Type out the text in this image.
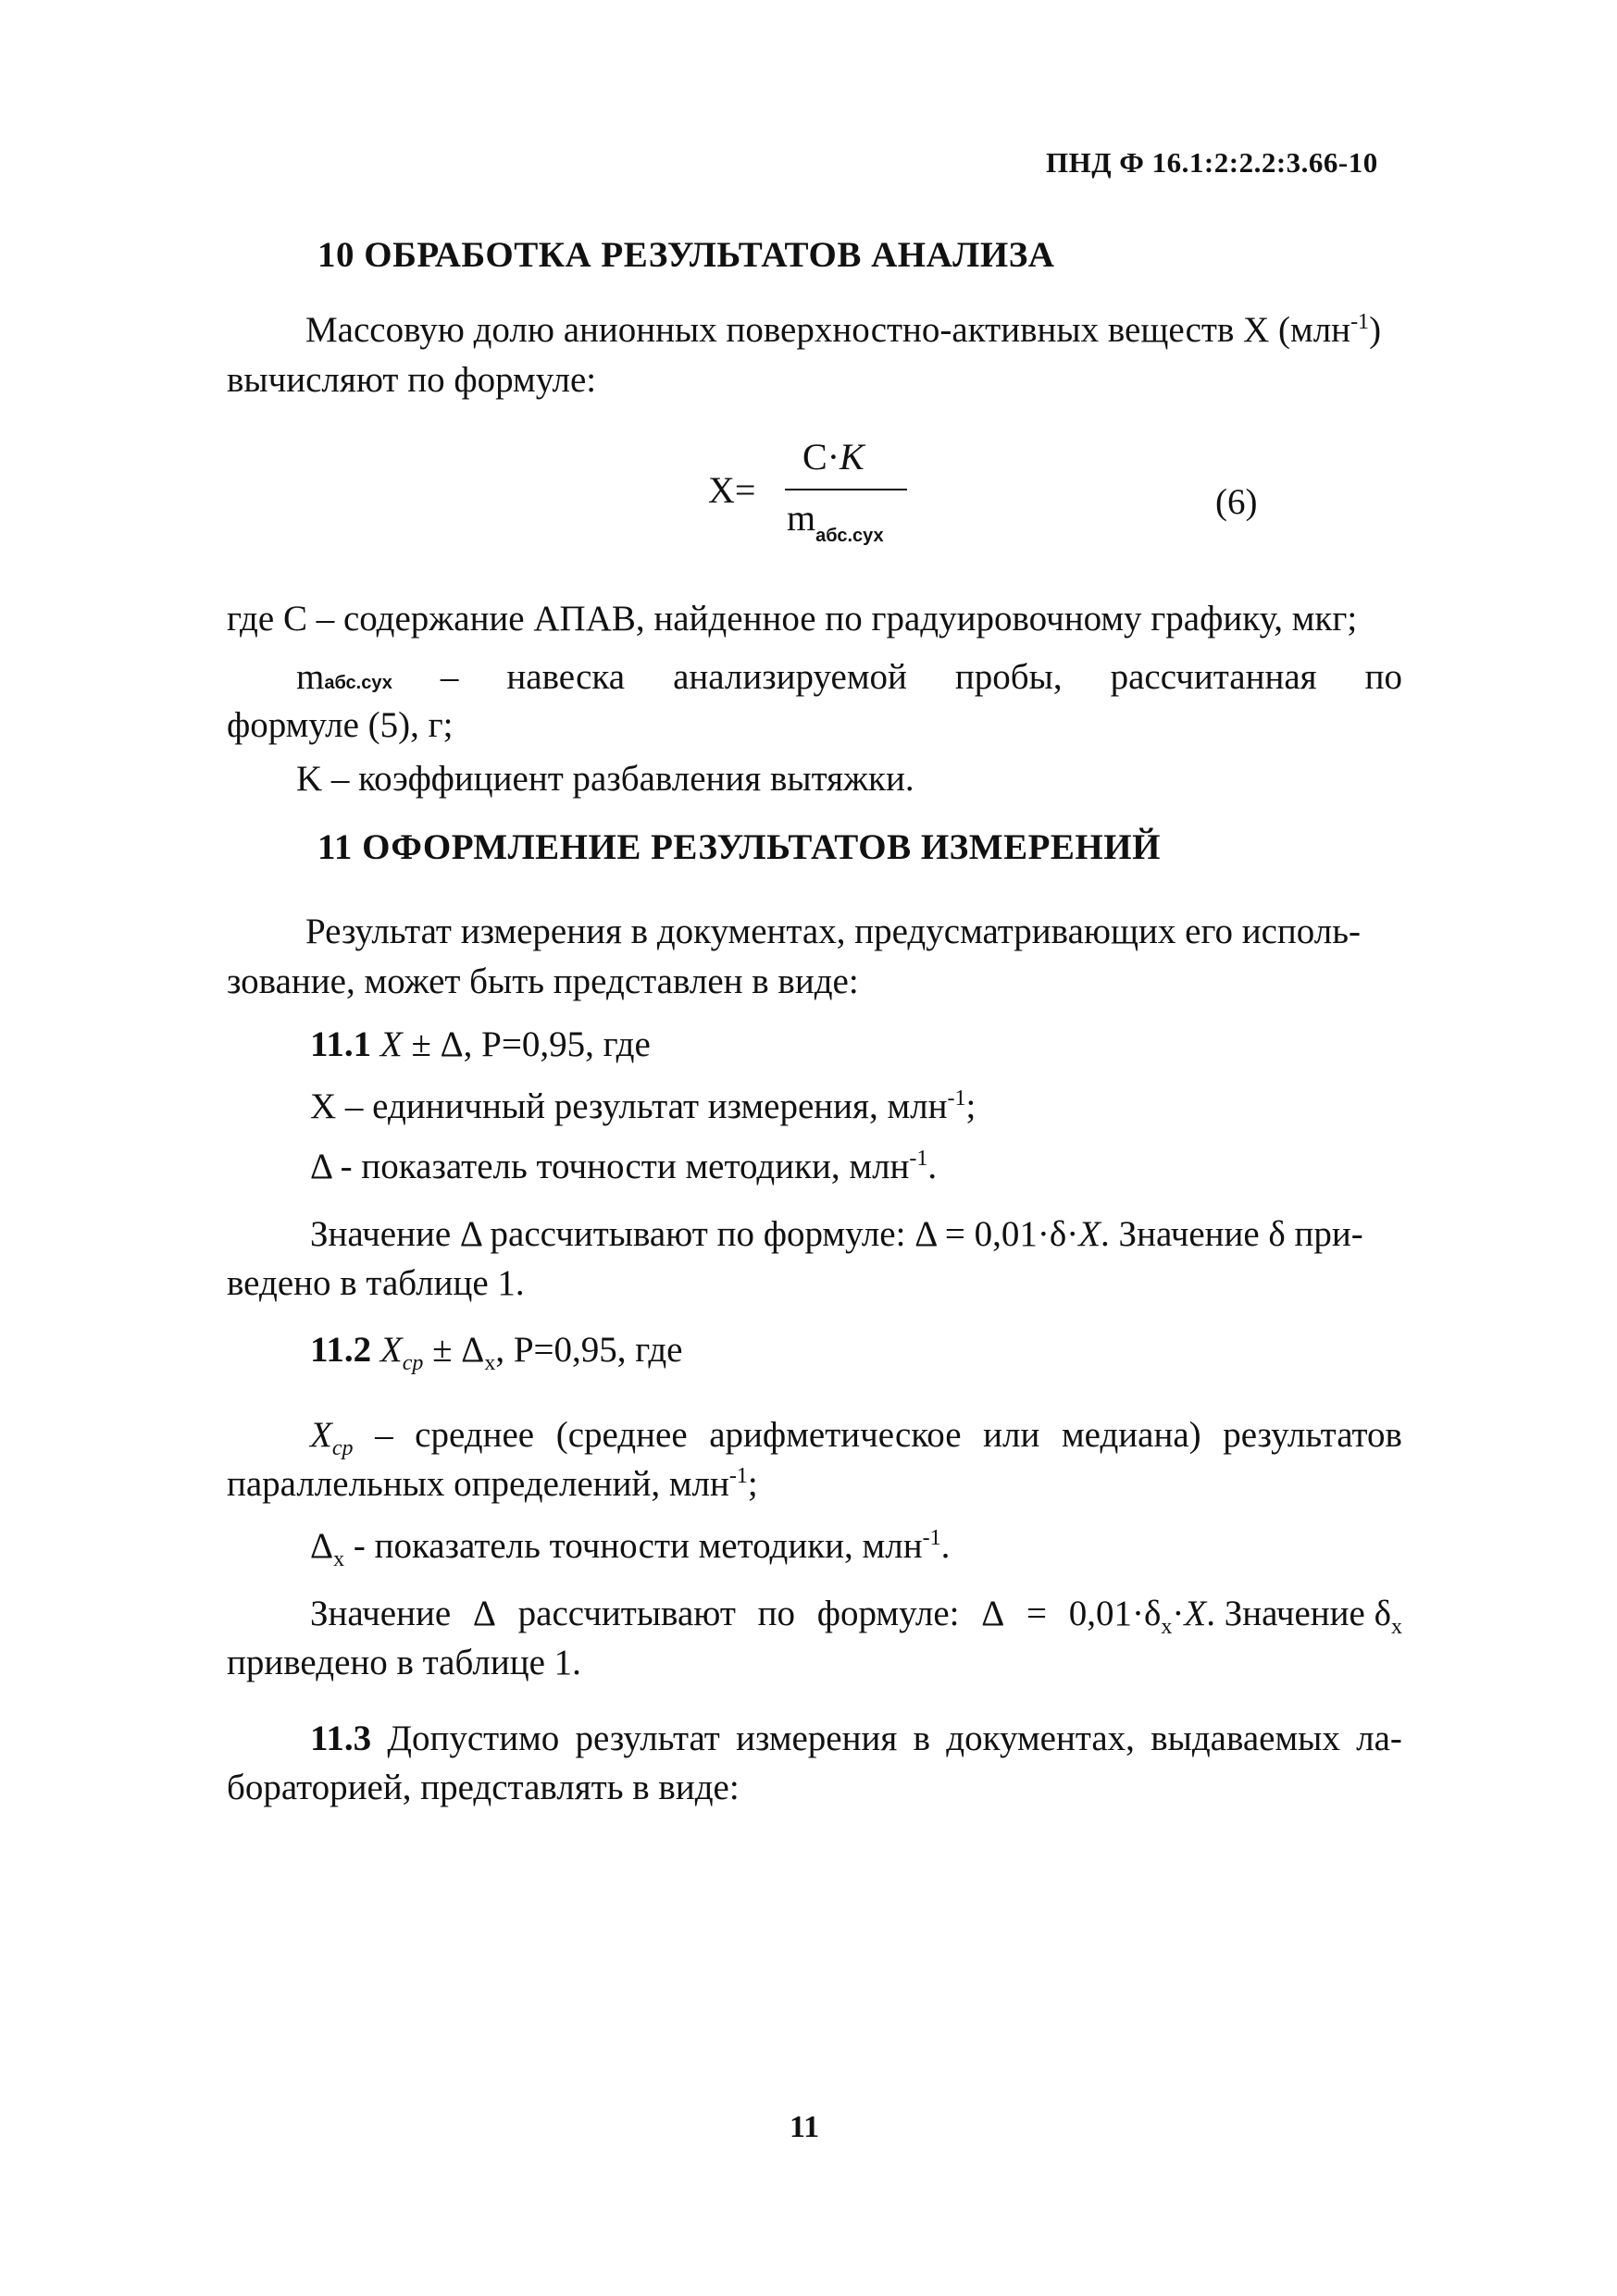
ПНД Ф 16.1:2:2.2:3.66-10
10 ОБРАБОТКА РЕЗУЛЬТАТОВ АНАЛИЗА
Массовую долю анионных поверхностно-активных веществ X (млн$^{-1}$)
вычисляют по формуле:
X=
C·K
$m_{абс.сух}$
(6)
где C – содержание АПАВ, найденное по градуировочному графику, мкг;
mабс.сух – навеска анализируемой пробы, рассчитанная по
формуле (5), г;
K – коэффициент разбавления вытяжки.
11 ОФОРМЛЕНИЕ РЕЗУЛЬТАТОВ ИЗМЕРЕНИЙ
Результат измерения в документах, предусматривающих его исполь-
зование, может быть представлен в виде:
11.1 X ± Δ, P=0,95, где
X – единичный результат измерения, млн$^{-1}$;
Δ - показатель точности методики, млн$^{-1}$.
Значение Δ рассчитывают по формуле: Δ = 0,01·δ·X. Значение δ при-
ведено в таблице 1.
11.2 $X_{ср} \pm \Delta_x$, P=0,95, где
$X_{ср}$ – среднее (среднее арифметическое или медиана) результатов
параллельных определений, млн$^{-1}$;
$\Delta_x$ - показатель точности методики, млн$^{-1}$.
Значение Δ рассчитывают по формуле: $\Delta = 0,01\cdot\delta_x\cdot X$. Значение $\delta_x$
приведено в таблице 1.
11.3 Допустимо результат измерения в документах, выдаваемых ла-
бораторией, представлять в виде:
11
